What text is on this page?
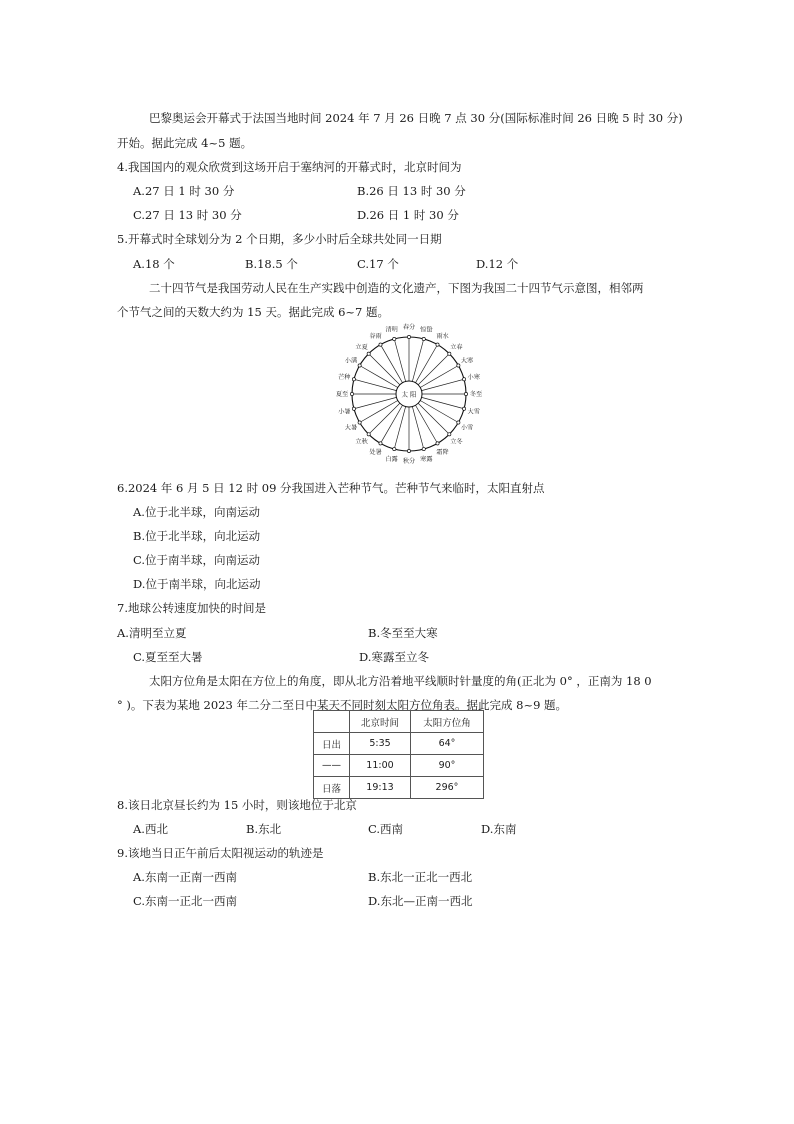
巴黎奥运会开幕式于法国当地时间 2024 年 7 月 26 日晚 7 点 30 分(国际标准时间 26 日晚 5 时 30 分)
开始。据此完成 4~5 题。
4.我国国内的观众欣赏到这场开启于塞纳河的开幕式时，北京时间为
A.27 日 1 时 30 分	B.26 日 13 时 30 分
C.27 日 13 时 30 分	D.26 日 1 时 30 分
5.开幕式时全球划分为 2 个日期，多少小时后全球共处同一日期
A.18 个	B.18.5 个	C.17 个	D.12 个
二十四节气是我国劳动人民在生产实践中创造的文化遗产，下图为我国二十四节气示意图，相邻两
个节气之间的天数大约为 15 天。据此完成 6~7 题。
太 阳	冬至
小寒
大寒
立春
雨水
惊蛰
春分
清明
谷雨
立夏
小满
芒种
夏至
小暑
大暑
立秋
处暑
白露 秋分 寒露
霜降
立冬
小雪
大雪
6.2024 年 6 月 5 日 12 时 09 分我国进入芒种节气。芒种节气来临时，太阳直射点
A.位于北半球，向南运动
B.位于北半球，向北运动
C.位于南半球，向南运动
D.位于南半球，向北运动
7.地球公转速度加快的时间是
A.清明至立夏	B.冬至至大寒
C.夏至至大暑	D.寒露至立冬
太阳方位角是太阳在方位上的角度，即从北方沿着地平线顺时针量度的角(正北为 0° ，正南为 18 0
° )。下表为某地 2023 年二分二至日中某天不同时刻太阳方位角表。据此完成 8~9 题。
	北京时间	太阳方位角
日出	5:35	64°
——	11:00	90°
日落	19:13	296°
8.该日北京昼长约为 15 小时，则该地位于北京
A.西北	B.东北	C.西南	D.东南
9.该地当日正午前后太阳视运动的轨迹是
A.东南一正南一西南	B.东北一正北一西北
C.东南一正北一西南	D.东北—正南一西北
